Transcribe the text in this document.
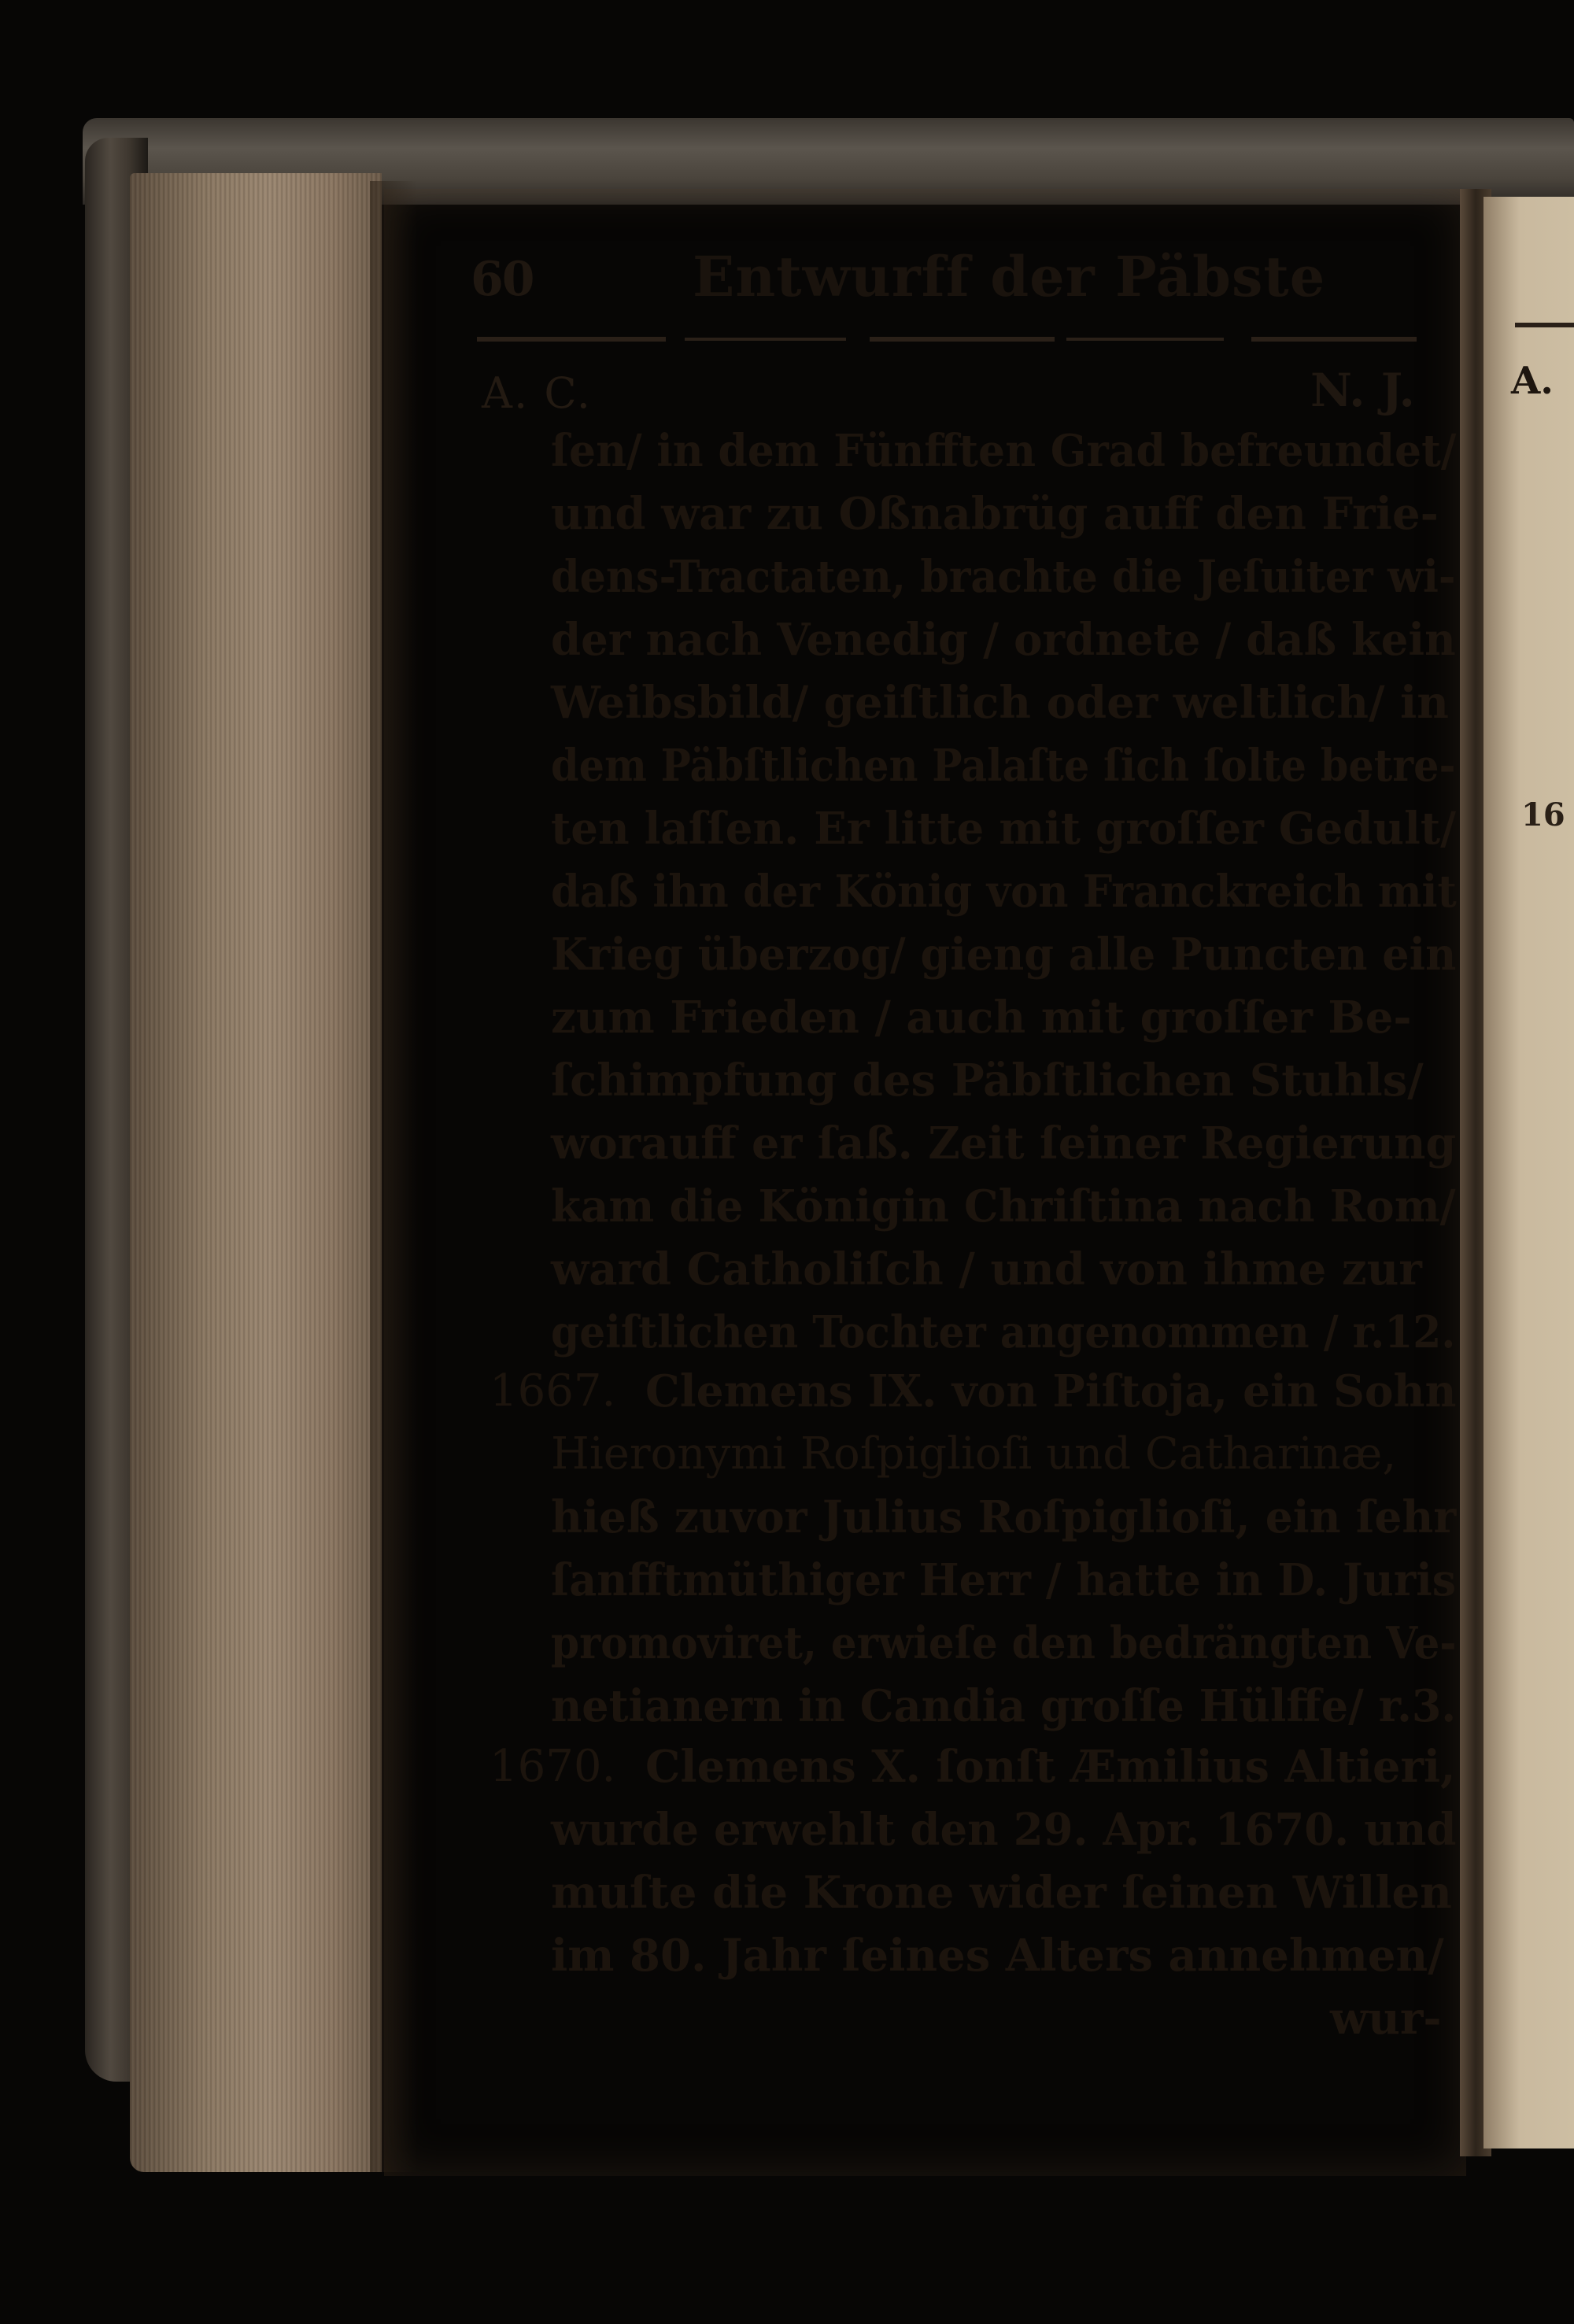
60	Entwurff der Päbste
A. C.	N. J.
ſen/ in dem Fünfften Grad befreundet/
und war zu Oßnabrüg auff den Frie-
dens-Tractaten, brachte die Jeſuiter wi-
der nach Venedig / ordnete / daß kein
Weibsbild/ geiſtlich oder weltlich/ in
dem Päbſtlichen Palaſte ſich ſolte betre-
ten laſſen. Er litte mit groſſer Gedult/
daß ihn der König von Franckreich mit
Krieg überzog/ gieng alle Puncten ein
zum Frieden / auch mit groſſer Be-
ſchimpfung des Päbſtlichen Stuhls/
worauff er ſaß. Zeit ſeiner Regierung
kam die Königin Chriſtina nach Rom/
ward Catholiſch / und von ihme zur
geiſtlichen Tochter angenommen / r.12.
1667. Clemens IX. von Piſtoja, ein Sohn
Hieronymi Roſpiglioſi und Catharinæ,
hieß zuvor Julius Roſpiglioſi, ein ſehr
ſanfftmüthiger Herr / hatte in D. Juris
promoviret, erwieſe den bedrängten Ve-
netianern in Candia groſſe Hülffe/ r.3.
1670. Clemens X. ſonſt Æmilius Altieri,
wurde erwehlt den 29. Apr. 1670. und
muſte die Krone wider ſeinen Willen
im 80. Jahr ſeines Alters annehmen/
wur-
A.
16
